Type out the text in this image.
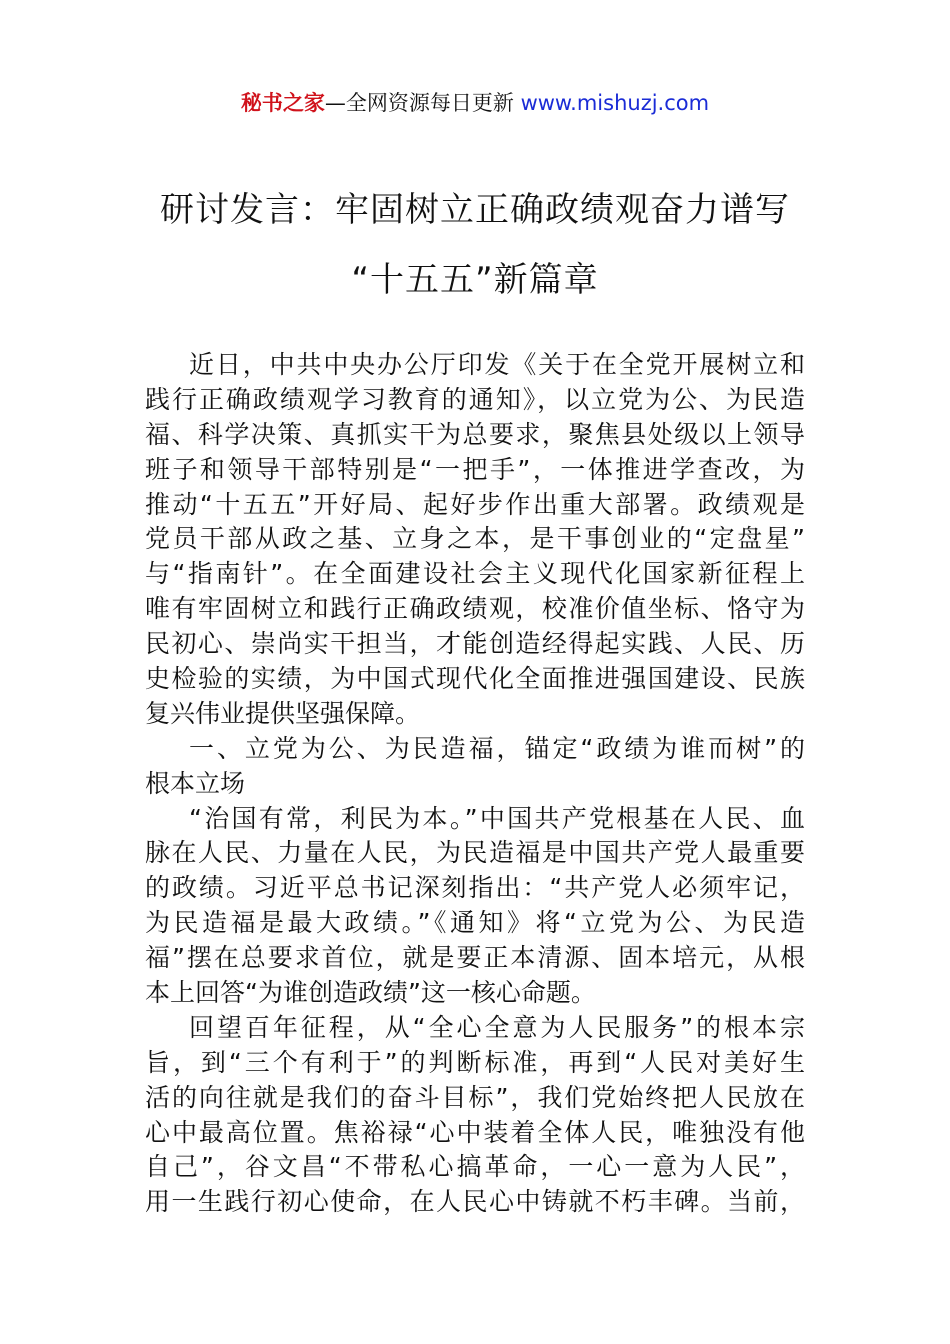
秘书之家—全网资源每日更新 www.mishuzj.com
研讨发言：牢固树立正确政绩观奋力谱写
“十五五”新篇章
近日，中共中央办公厅印发《关于在全党开展树立和
践行正确政绩观学习教育的通知》，以立党为公、为民造
福、科学决策、真抓实干为总要求，聚焦县处级以上领导
班子和领导干部特别是“一把手”，一体推进学查改，为
推动“十五五”开好局、起好步作出重大部署。政绩观是
党员干部从政之基、立身之本，是干事创业的“定盘星”
与“指南针”。在全面建设社会主义现代化国家新征程上
唯有牢固树立和践行正确政绩观，校准价值坐标、恪守为
民初心、崇尚实干担当，才能创造经得起实践、人民、历
史检验的实绩，为中国式现代化全面推进强国建设、民族
复兴伟业提供坚强保障。
一、立党为公、为民造福，锚定“政绩为谁而树”的
根本立场
“治国有常，利民为本。”中国共产党根基在人民、血
脉在人民、力量在人民，为民造福是中国共产党人最重要
的政绩。习近平总书记深刻指出：“共产党人必须牢记，
为民造福是最大政绩。”《通知》将“立党为公、为民造
福”摆在总要求首位，就是要正本清源、固本培元，从根
本上回答“为谁创造政绩”这一核心命题。
回望百年征程，从“全心全意为人民服务”的根本宗
旨，到“三个有利于”的判断标准，再到“人民对美好生
活的向往就是我们的奋斗目标”，我们党始终把人民放在
心中最高位置。焦裕禄“心中装着全体人民，唯独没有他
自己”，谷文昌“不带私心搞革命，一心一意为人民”，
用一生践行初心使命，在人民心中铸就不朽丰碑。当前，
